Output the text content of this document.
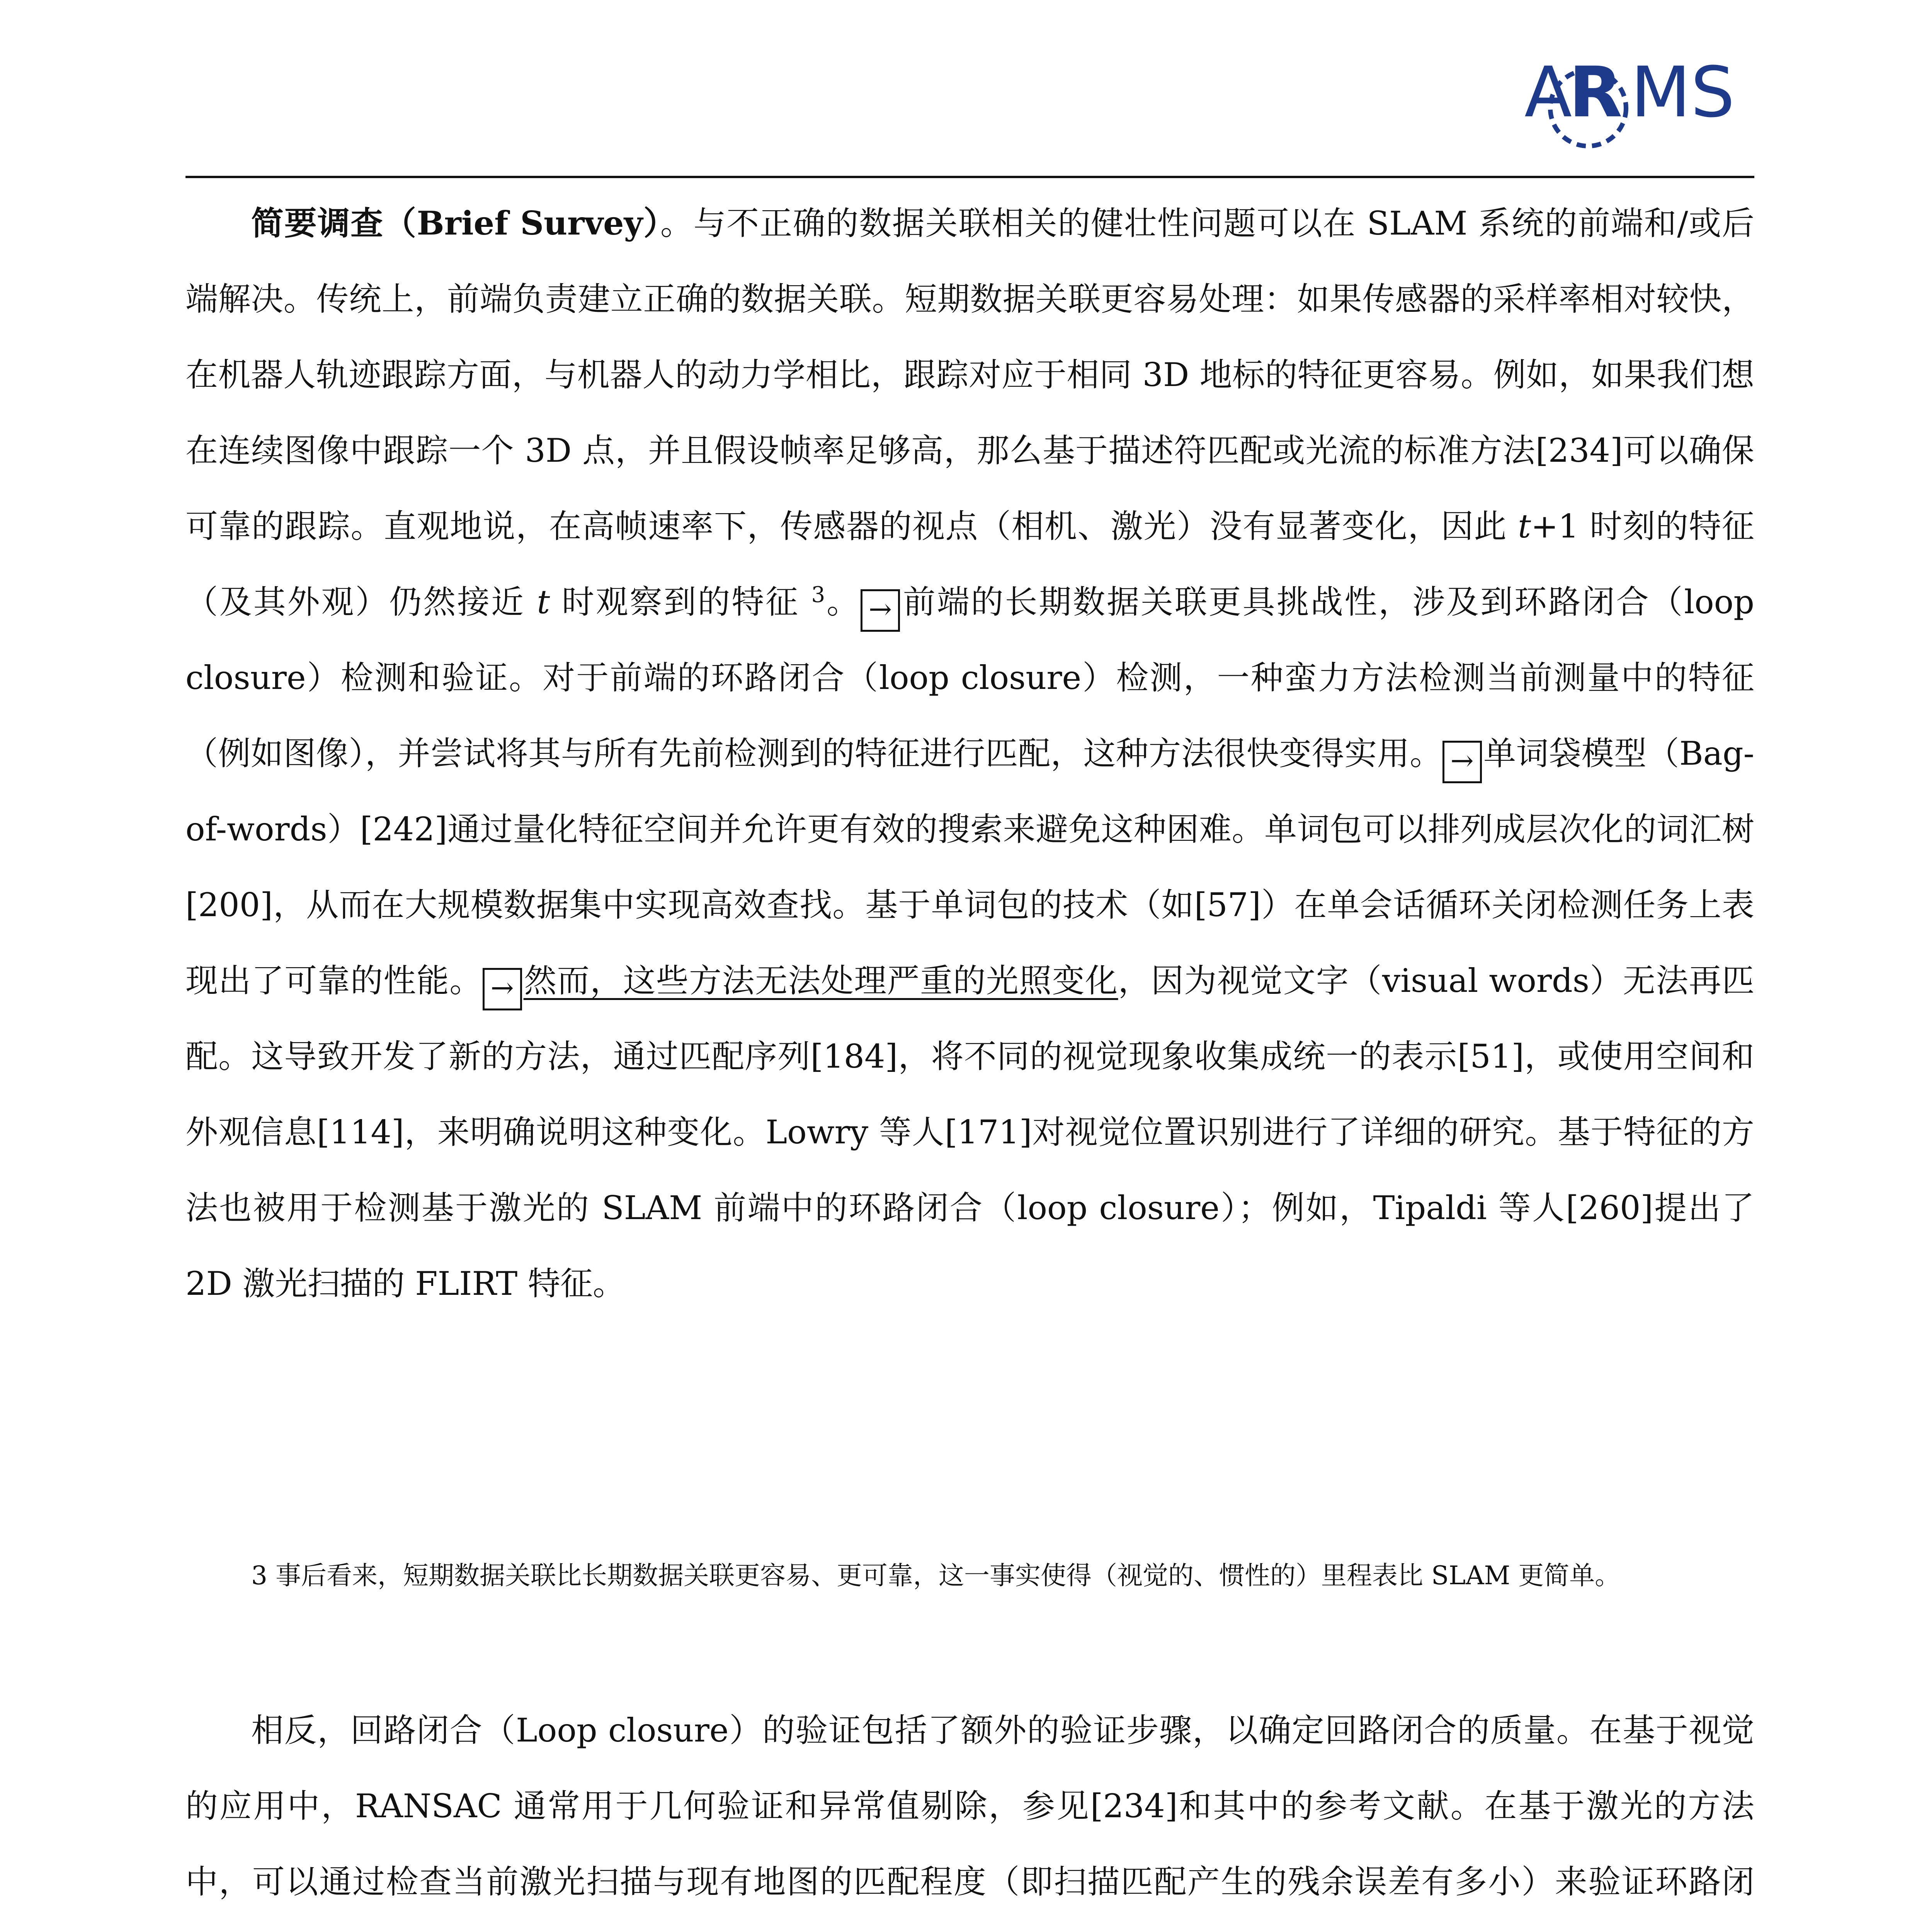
A
R MS

简要调查（Brief Survey）。与不正确的数据关联相关的健壮性问题可以在 SLAM 系统的前端和/或后端解决。传统上，前端负责建立正确的数据关联。短期数据关联更容易处理：如果传感器的采样率相对较快，在机器人轨迹跟踪方面，与机器人的动力学相比，跟踪对应于相同 3D 地标的特征更容易。例如，如果我们想在连续图像中跟踪一个 3D 点，并且假设帧率足够高，那么基于描述符匹配或光流的标准方法[234]可以确保可靠的跟踪。直观地说，在高帧速率下，传感器的视点（相机、激光）没有显著变化，因此 t+1 时刻的特征（及其外观）仍然接近 t 时观察到的特征 $^3$。 → 前端的长期数据关联更具挑战性，涉及到环路闭合（loop closure）检测和验证。对于前端的环路闭合（loop closure）检测，一种蛮力方法检测当前测量中的特征（例如图像），并尝试将其与所有先前检测到的特征进行匹配，这种方法很快变得实用。 → 单词袋模型（Bag-of-words）[242]通过量化特征空间并允许更有效的搜索来避免这种困难。单词包可以排列成层次化的词汇树[200]，从而在大规模数据集中实现高效查找。基于单词包的技术（如[57]）在单会话循环关闭检测任务上表现出了可靠的性能。 → 然而，这些方法无法处理严重的光照变化，因为视觉文字（visual words）无法再匹配。这导致开发了新的方法，通过匹配序列[184]，将不同的视觉现象收集成统一的表示[51]，或使用空间和外观信息[114]，来明确说明这种变化。Lowry 等人[171]对视觉位置识别进行了详细的研究。基于特征的方法也被用于检测基于激光的 SLAM 前端中的环路闭合（loop closure）；例如，Tipaldi 等人[260]提出了 2D 激光扫描的 FLIRT 特征。

3 事后看来，短期数据关联比长期数据关联更容易、更可靠，这一事实使得（视觉的、惯性的）里程表比 SLAM 更简单。

相反，回路闭合（Loop closure）的验证包括了额外的验证步骤，以确定回路闭合的质量。在基于视觉的应用中，RANSAC 通常用于几何验证和异常值剔除，参见[234]和其中的参考文献。在基于激光的方法中，可以通过检查当前激光扫描与现有地图的匹配程度（即扫描匹配产生的残余误差有多小）来验证环路闭
